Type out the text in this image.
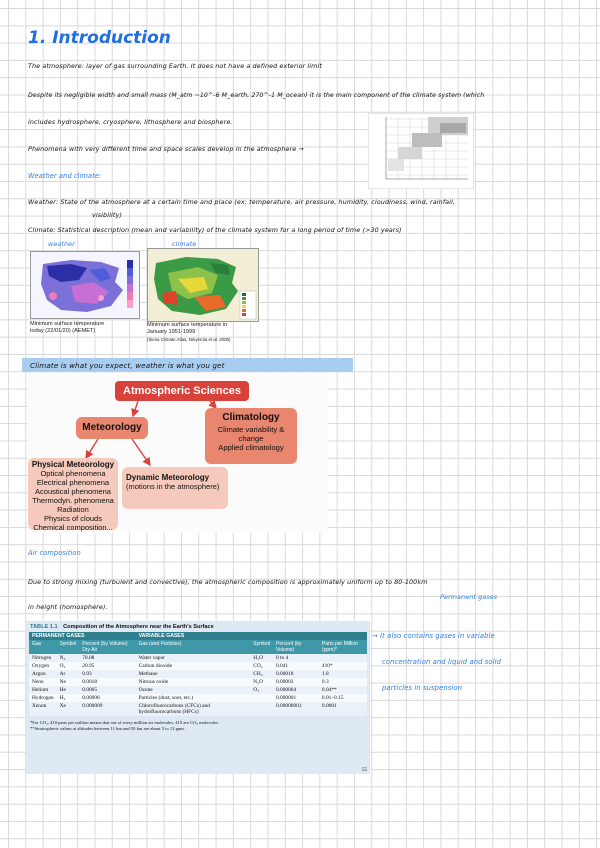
1. Introduction
The atmosphere: layer of gas surrounding Earth. It does not have a defined exterior limit
Despite its negligible width and small mass (M_atm ~10^-6 M_earth, 270^-1 M_ocean) it is the main component of the climate system (which
includes hydrosphere, cryosphere, lithosphere and biosphere.
Phenomena with very different time and space scales develop in the atmosphere →
Weather and climate:
Weather: State of the atmosphere at a certain time and place (ex: temperature, air pressure, humidity, cloudiness, wind, rainfall,
visibility)
Climate: Statistical description (mean and variability) of the climate system for a long period of time (>30 years)
weather	climate
Minimum surface temperature
today (22/01/20) (AEMET)
Minimum surface temperature in
January 1951-1999
(Iberia Climate Atlas, Ninyerola et al. 2005)
Climate is what you expect, weather is what you get
Atmospheric Sciences
Meteorology
Climatology
Climate variability &
change
Applied climatology
Physical Meteorology
Optical phenomena
Electrical phenomena
Acoustical phenomena
Thermodyn. phenomena
Radiation
Physics of clouds
Chemical composition...
Dynamic Meteorology
(motions in the atmosphere)
Air composition
Due to strong mixing (turbulent and convective), the atmospheric composition is approximately uniform up to 80-100km
in height (homosphere).
Permanent gases
→ It also contains gases in variable
concentration and liquid and solid
particles in suspension
TABLE 1.1 Composition of the Atmosphere near the Earth's Surface
PERMANENT GASES			VARIABLE GASES			
Gas	Symbol	Percent (by Volume) Dry Air	Gas (and Particles)	Symbol	Percent (by Volume)	Parts per Million (ppm)*
Nitrogen	N₂	78.08	Water vapor	H₂O	0 to 4	
Oxygen	O₂	20.95	Carbon dioxide	CO₂	0.041	410*
Argon	Ar	0.93	Methane	CH₄	0.00018	1.8
Neon	Ne	0.0018	Nitrous oxide	N₂O	0.00003	0.3
Helium	He	0.0005	Ozone	O₃	0.000004	0.04**
Hydrogen	H₂	0.00006	Particles (dust, soot, etc.)		0.000001	0.01–0.15
Xenon	Xe	0.000009	Chlorofluorocarbons (CFCs) and hydrofluorocarbons (HFCs)		0.00000001	0.0001
*For CO₂, 410 parts per million means that out of every million air molecules, 410 are CO₂ molecules.
**Stratospheric values at altitudes between 11 km and 50 km are about 5 to 12 ppm.
55
